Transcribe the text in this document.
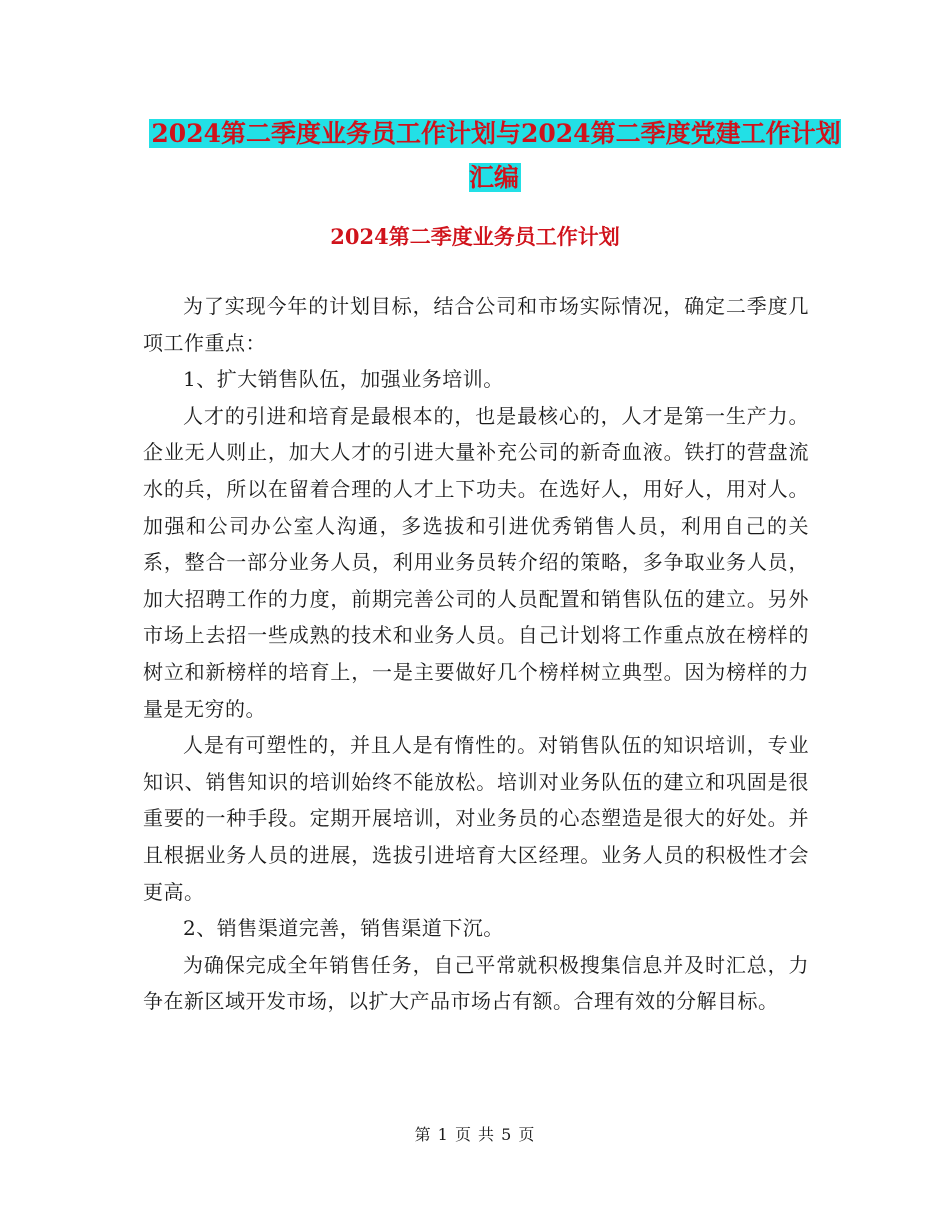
2024第二季度业务员工作计划与2024第二季度党建工作计划汇编
2024第二季度业务员工作计划

为了实现今年的计划目标，结合公司和市场实际情况，确定二季度几项工作重点：

1、扩大销售队伍，加强业务培训。

人才的引进和培育是最根本的，也是最核心的，人才是第一生产力。企业无人则止，加大人才的引进大量补充公司的新奇血液。铁打的营盘流水的兵，所以在留着合理的人才上下功夫。在选好人，用好人，用对人。加强和公司办公室人沟通，多选拔和引进优秀销售人员，利用自己的关系，整合一部分业务人员，利用业务员转介绍的策略，多争取业务人员，加大招聘工作的力度，前期完善公司的人员配置和销售队伍的建立。另外市场上去招一些成熟的技术和业务人员。自己计划将工作重点放在榜样的树立和新榜样的培育上，一是主要做好几个榜样树立典型。因为榜样的力量是无穷的。

人是有可塑性的，并且人是有惰性的。对销售队伍的知识培训，专业知识、销售知识的培训始终不能放松。培训对业务队伍的建立和巩固是很重要的一种手段。定期开展培训，对业务员的心态塑造是很大的好处。并且根据业务人员的进展，选拔引进培育大区经理。业务人员的积极性才会更高。

2、销售渠道完善，销售渠道下沉。

为确保完成全年销售任务，自己平常就积极搜集信息并及时汇总，力争在新区域开发市场，以扩大产品市场占有额。合理有效的分解目标。

第 1 页 共 5 页
